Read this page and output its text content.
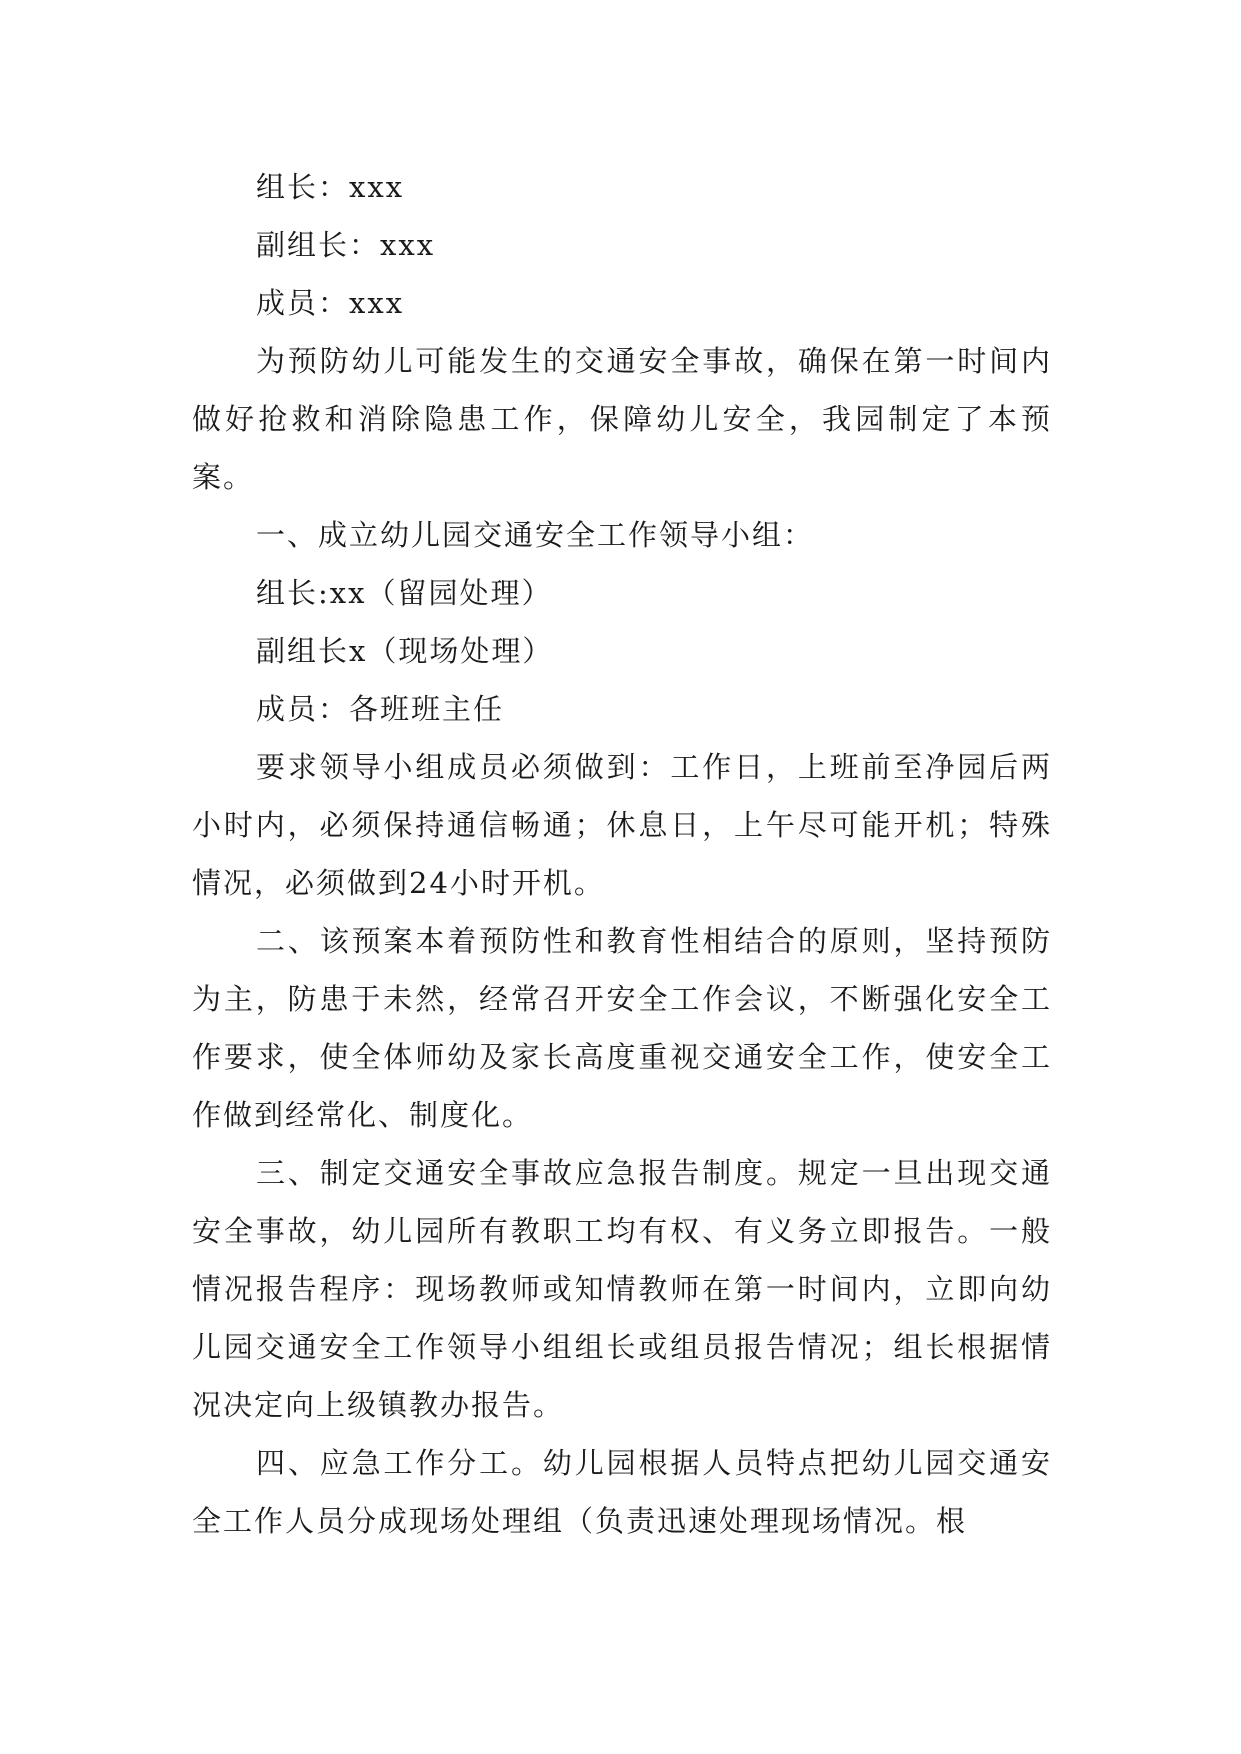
组长：xxx

副组长：xxx

成员：xxx

为预防幼儿可能发生的交通安全事故，确保在第一时间内做好抢救和消除隐患工作，保障幼儿安全，我园制定了本预案。

一、成立幼儿园交通安全工作领导小组：

组长:xx（留园处理）

副组长x（现场处理）

成员：各班班主任

要求领导小组成员必须做到：工作日，上班前至净园后两小时内，必须保持通信畅通；休息日，上午尽可能开机；特殊情况，必须做到24小时开机。

二、该预案本着预防性和教育性相结合的原则，坚持预防为主，防患于未然，经常召开安全工作会议，不断强化安全工作要求，使全体师幼及家长高度重视交通安全工作，使安全工作做到经常化、制度化。

三、制定交通安全事故应急报告制度。规定一旦出现交通安全事故，幼儿园所有教职工均有权、有义务立即报告。一般情况报告程序：现场教师或知情教师在第一时间内，立即向幼儿园交通安全工作领导小组组长或组员报告情况；组长根据情况决定向上级镇教办报告。

四、应急工作分工。幼儿园根据人员特点把幼儿园交通安全工作人员分成现场处理组（负责迅速处理现场情况。根
